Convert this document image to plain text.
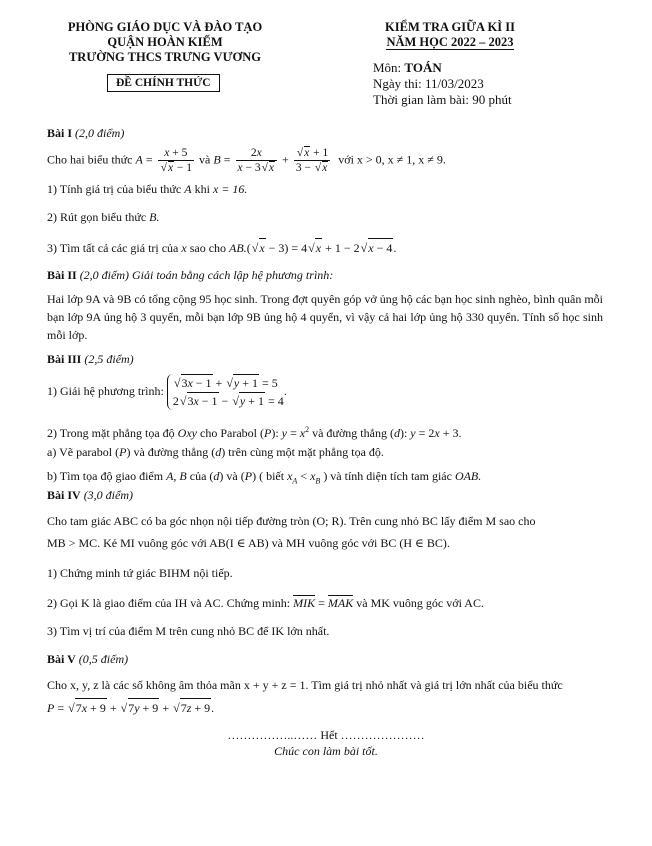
PHÒNG GIÁO DỤC VÀ ĐÀO TẠO
QUẬN HOÀN KIẾM
TRƯỜNG THCS TRƯNG VƯƠNG
ĐỀ CHÍNH THỨC
KIỂM TRA GIỮA KÌ II
NĂM HỌC 2022 – 2023
Môn: TOÁN
Ngày thi: 11/03/2023
Thời gian làm bài: 90 phút
Bài I (2,0 điểm)
Cho hai biểu thức A = x + 5
√ x − 1 và $B = \frac{2x}{x - 3 √ x}$ + √ $\frac{x + 1}{3 - √ x}$ với x > 0, x ≠ 1, x ≠ 9.
1) Tính giá trị của biểu thức A khi x = 16.
2) Rút gọn biểu thức B.
3) Tìm tất cả các giá trị của x sao cho AB.( √ x − 3) = 4 √ x + 1 − 2 √ x − 4.
Bài II (2,0 điểm) Giải toán bằng cách lập hệ phương trình:
Hai lớp 9A và 9B có tổng cộng 95 học sinh. Trong đợt quyên góp vở ủng hộ các bạn học sinh nghèo, bình quân mỗi bạn lớp 9A ủng hộ 3 quyển, mỗi bạn lớp 9B ủng hộ 4 quyển, vì vậy cả hai lớp ủng hộ 330 quyển. Tính số học sinh mỗi lớp.
Bài III (2,5 điểm)
1) Giải hệ phương trình:
√ 3x − 1 + √ y + 1 = 5
2 √ 3x − 1 − √ y + 1 = 4
.
2) Trong mặt phẳng tọa độ Oxy cho Parabol (P): $y = x^2$ và đường thẳng (d): y = 2x + 3.
a) Vẽ parabol (P) và đường thẳng (d) trên cùng một mặt phẳng tọa độ.
b) Tìm tọa độ giao điểm A, B của (d) và (P) ( biết $x_A < x_B$ ) và tính diện tích tam giác OAB.
Bài IV (3,0 điểm)
Cho tam giác ABC có ba góc nhọn nội tiếp đường tròn (O; R). Trên cung nhỏ BC lấy điểm M sao cho
MB > MC. Kẻ MI vuông góc với AB(I ∈ AB) và MH vuông góc với BC (H ∈ BC).
1) Chứng minh tứ giác BIHM nội tiếp.
2) Gọi K là giao điểm của IH và AC. Chứng minh: MIK = MAK và MK vuông góc với AC.
3) Tìm vị trí của điểm M trên cung nhỏ BC để IK lớn nhất.
Bài V (0,5 điểm)
Cho x, y, z là các số không âm thỏa mãn x + y + z = 1. Tìm giá trị nhỏ nhất và giá trị lớn nhất của biểu thức
P = √ 7x + 9 + √ 7y + 9 + √ 7z + 9.
……………..…… Hết …………………
Chúc con làm bài tốt.
